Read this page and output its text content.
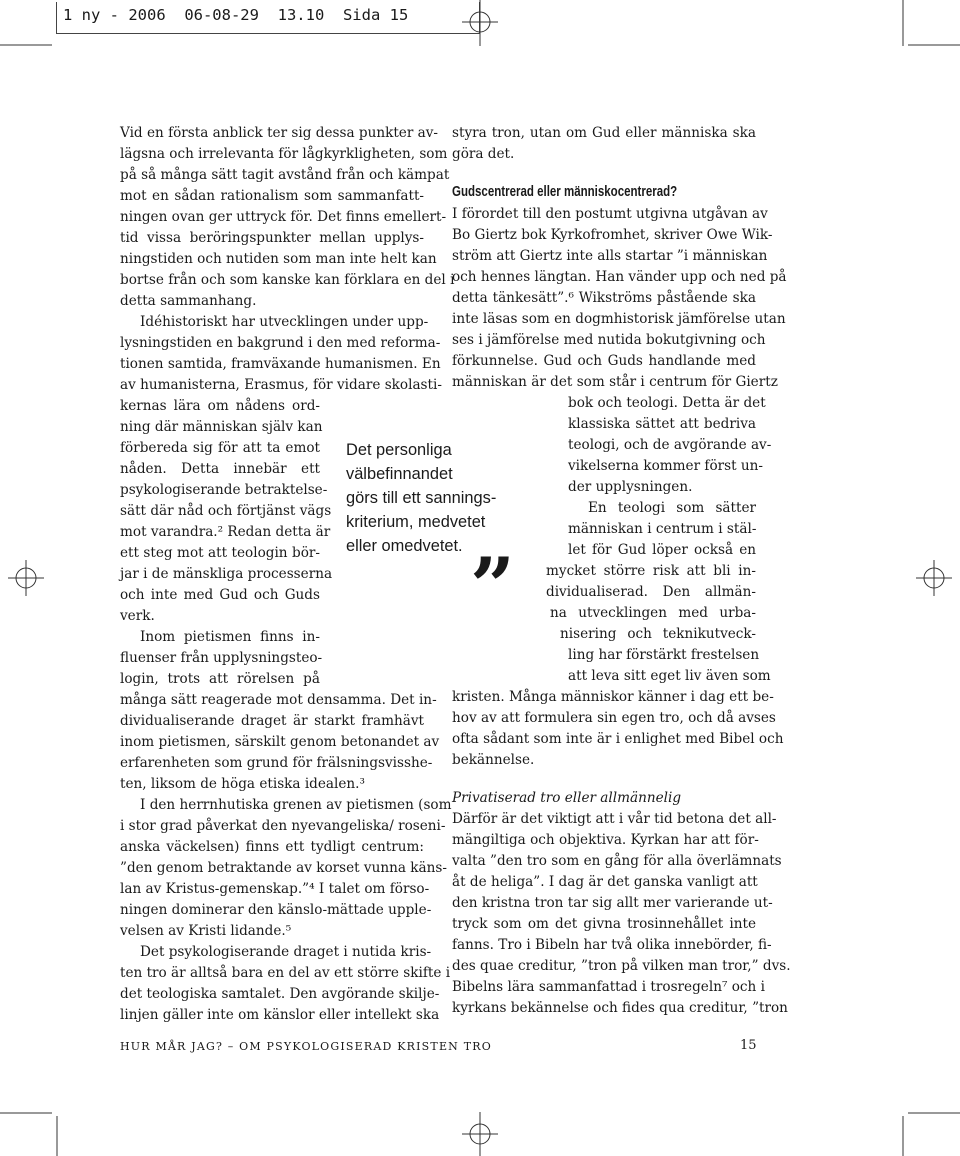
1 ny - 2006  06-08-29  13.10  Sida 15
Vid en första anblick ter sig dessa punkter av-
lägsna och irrelevanta för lågkyrkligheten, som
på så många sätt tagit avstånd från och kämpat
mot en sådan rationalism som sammanfatt-
ningen ovan ger uttryck för. Det finns emellert-
tid vissa beröringspunkter mellan upplys-
ningstiden och nutiden som man inte helt kan
bortse från och som kanske kan förklara en del i
detta sammanhang.
Idéhistoriskt har utvecklingen under upp-
lysningstiden en bakgrund i den med reforma-
tionen samtida, framväxande humanismen. En
av humanisterna, Erasmus, för vidare skolasti-
kernas lära om nådens ord-
ning där människan själv kan
förbereda sig för att ta emot
nåden. Detta innebär ett
psykologiserande betraktelse-
sätt där nåd och förtjänst vägs
mot varandra.² Redan detta är
ett steg mot att teologin bör-
jar i de mänskliga processerna
och inte med Gud och Guds
verk.
Inom pietismen finns in-
fluenser från upplysningsteo-
login, trots att rörelsen på
många sätt reagerade mot densamma. Det in-
dividualiserande draget är starkt framhävt
inom pietismen, särskilt genom betonandet av
erfarenheten som grund för frälsningsvisshe-
ten, liksom de höga etiska idealen.³
I den herrnhutiska grenen av pietismen (som
i stor grad påverkat den nyevangeliska/ roseni-
anska väckelsen) finns ett tydligt centrum:
”den genom betraktande av korset vunna käns-
lan av Kristus-gemenskap.”⁴ I talet om försо-
ningen dominerar den känslo-mättade upple-
velsen av Kristi lidande.⁵
Det psykologiserande draget i nutida kris-
ten tro är alltså bara en del av ett större skifte i
det teologiska samtalet. Den avgörande skilje-
linjen gäller inte om känslor eller intellekt ska
Det personliga
välbefinnandet
görs till ett sannings-
kriterium, medvetet
eller omedvetet. ”
styra tron, utan om Gud eller människa ska
göra det.
Gudscentrerad eller människocentrerad?
I förordet till den postumt utgivna utgåvan av
Bo Giertz bok Kyrkofromhet, skriver Owe Wik-
ström att Giertz inte alls startar ”i människan
och hennes längtan. Han vänder upp och ned på
detta tänkesätt”.⁶ Wikströms påstående ska
inte läsas som en dogmhistorisk jämförelse utan
ses i jämförelse med nutida bokutgivning och
förkunnelse. Gud och Guds handlande med
människan är det som står i centrum för Giertz
bok och teologi. Detta är det
klassiska sättet att bedriva
teologi, och de avgörande av-
vikelserna kommer först un-
der upplysningen.
En teologi som sätter
människan i centrum i stäl-
let för Gud löper också en
mycket större risk att bli in-
dividualiserad. Den allmän-
na utvecklingen med urba-
nisering och teknikutveck-
ling har förstärkt frestelsen
att leva sitt eget liv även som
kristen. Många människor känner i dag ett be-
hov av att formulera sin egen tro, och då avses
ofta sådant som inte är i enlighet med Bibel och
bekännelse.
Privatiserad tro eller allmännelig
Därför är det viktigt att i vår tid betona det all-
mängiltiga och objektiva. Kyrkan har att för-
valta ”den tro som en gång för alla överlämnats
åt de heliga”. I dag är det ganska vanligt att
den kristna tron tar sig allt mer varierande ut-
tryck som om det givna trosinnehållet inte
fanns. Tro i Bibeln har två olika innebörder, fi-
des quae creditur, ”tron på vilken man tror,” dvs.
Bibelns lära sammanfattad i trosregeln⁷ och i
kyrkans bekännelse och fides qua creditur, ”tron
HUR MÅR JAG? – OM PSYKOLOGISERAD KRISTEN TRO	15
